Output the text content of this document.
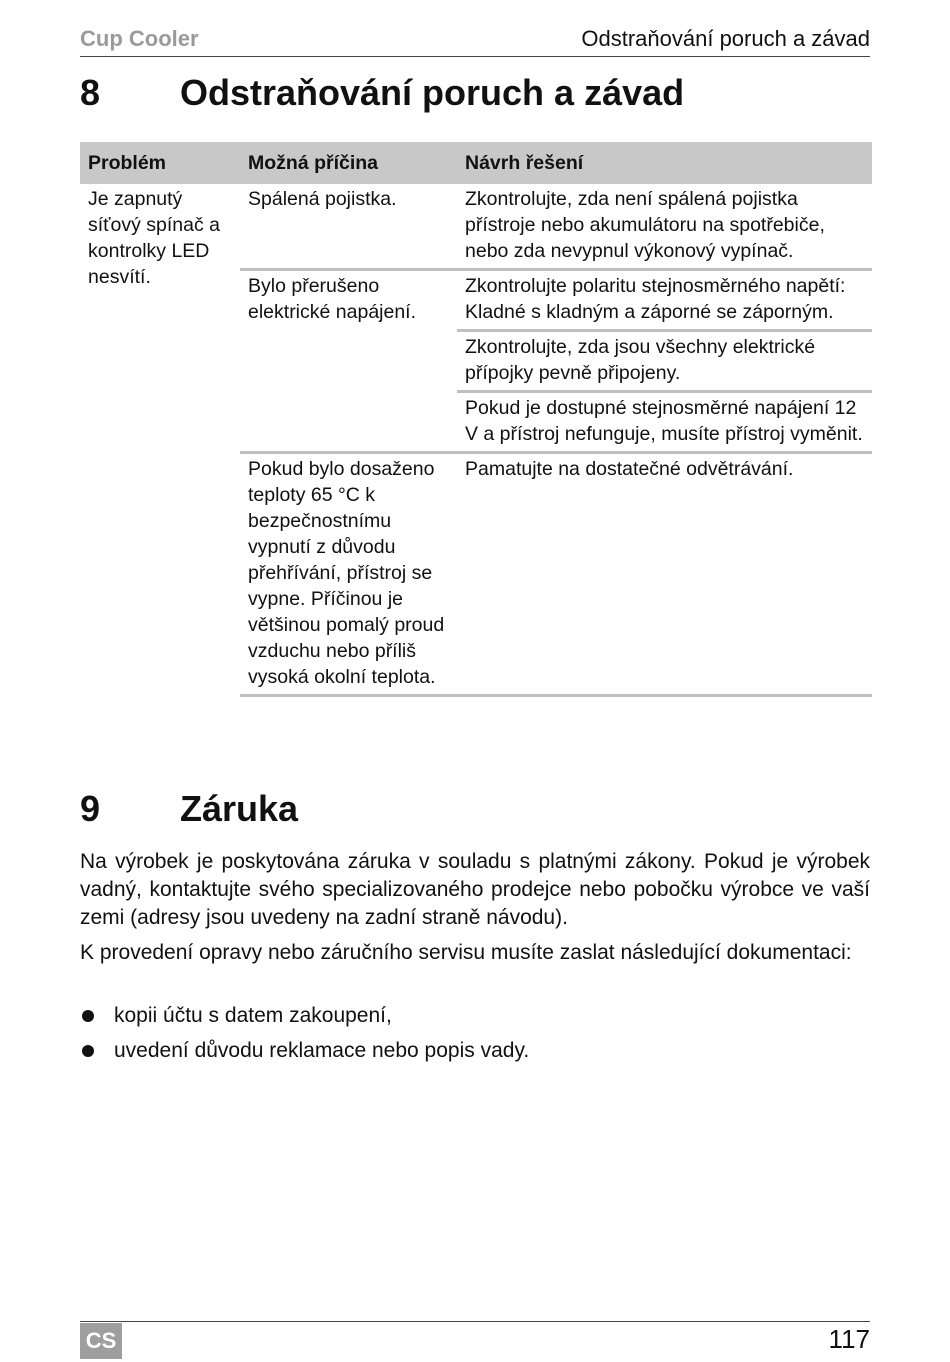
Cup Cooler	Odstraňování poruch a závad
8 Odstraňování poruch a závad
Problém	Možná příčina	Návrh řešení
Je zapnutý síťový spínač a kontrolky LED nesvítí.	Spálená pojistka.	Zkontrolujte, zda není spálená pojistka přístroje nebo akumulátoru na spotřebiče, nebo zda nevypnul výkonový vypínač.
	Bylo přerušeno elektrické napájení.	Zkontrolujte polaritu stejnosměrného napětí: Kladné s kladným a záporné se záporným.
		Zkontrolujte, zda jsou všechny elektrické přípojky pevně připojeny.
		Pokud je dostupné stejnosměrné napájení 12 V a přístroj nefunguje, musíte přístroj vyměnit.
	Pokud bylo dosaženo teploty 65 °C k bezpečnostnímu vypnutí z důvodu přehřívání, přístroj se vypne. Příčinou je většinou pomalý proud vzduchu nebo příliš vysoká okolní teplota.	Pamatujte na dostatečné odvětrávání.
9 Záruka

Na výrobek je poskytována záruka v souladu s platnými zákony. Pokud je výrobek vadný, kontaktujte svého specializovaného prodejce nebo pobočku výrobce ve vaší zemi (adresy jsou uvedeny na zadní straně návodu).

K provedení opravy nebo záručního servisu musíte zaslat následující dokumentaci:

kopii účtu s datem zakoupení,
uvedení důvodu reklamace nebo popis vady.
CS	117
